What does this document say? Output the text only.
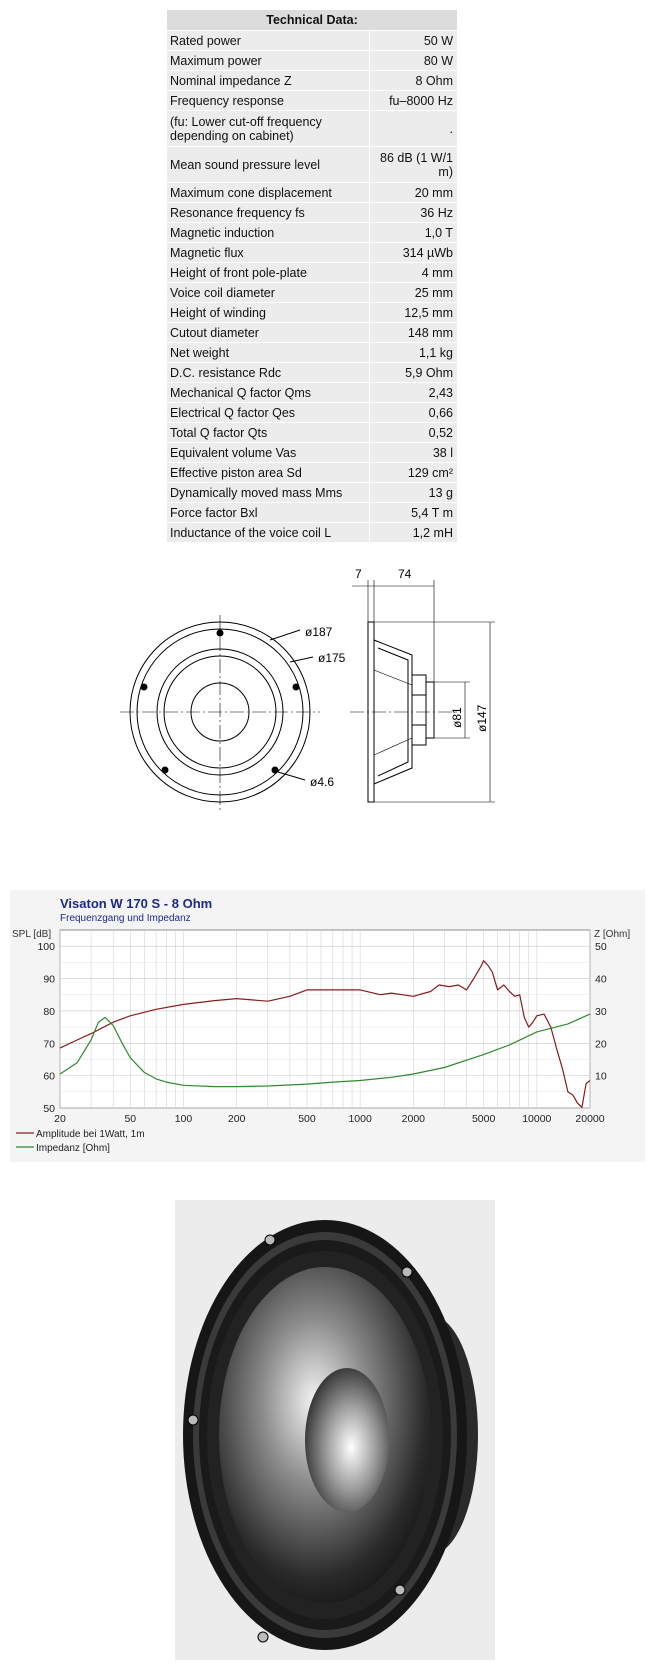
Technical Data:	
Rated power	50 W
Maximum power	80 W
Nominal impedance Z	8 Ohm
Frequency response	fu–8000 Hz
(fu: Lower cut-off frequency depending on cabinet)	.
Mean sound pressure level	86 dB (1 W/1 m)
Maximum cone displacement	20 mm
Resonance frequency fs	36 Hz
Magnetic induction	1,0 T
Magnetic flux	314 µWb
Height of front pole-plate	4 mm
Voice coil diameter	25 mm
Height of winding	12,5 mm
Cutout diameter	148 mm
Net weight	1,1 kg
D.C. resistance Rdc	5,9 Ohm
Mechanical Q factor Qms	2,43
Electrical Q factor Qes	0,66
Total Q factor Qts	0,52
Equivalent volume Vas	38 l
Effective piston area Sd	129 cm²
Dynamically moved mass Mms	13 g
Force factor Bxl	5,4 T m
Inductance of the voice coil L	1,2 mH
ø187
ø175
ø4.6
7	74
ø81 ø147
Visaton W 170 S - 8 Ohm
Frequenzgang und Impedanz
SPL [dB]	Z [Ohm]
20	50	100	200	500	1000	2000	5000	10000 20000
50
60
70
80
90
100
10
20
30
40
50
Amplitude bei 1Watt, 1m
Impedanz [Ohm]
